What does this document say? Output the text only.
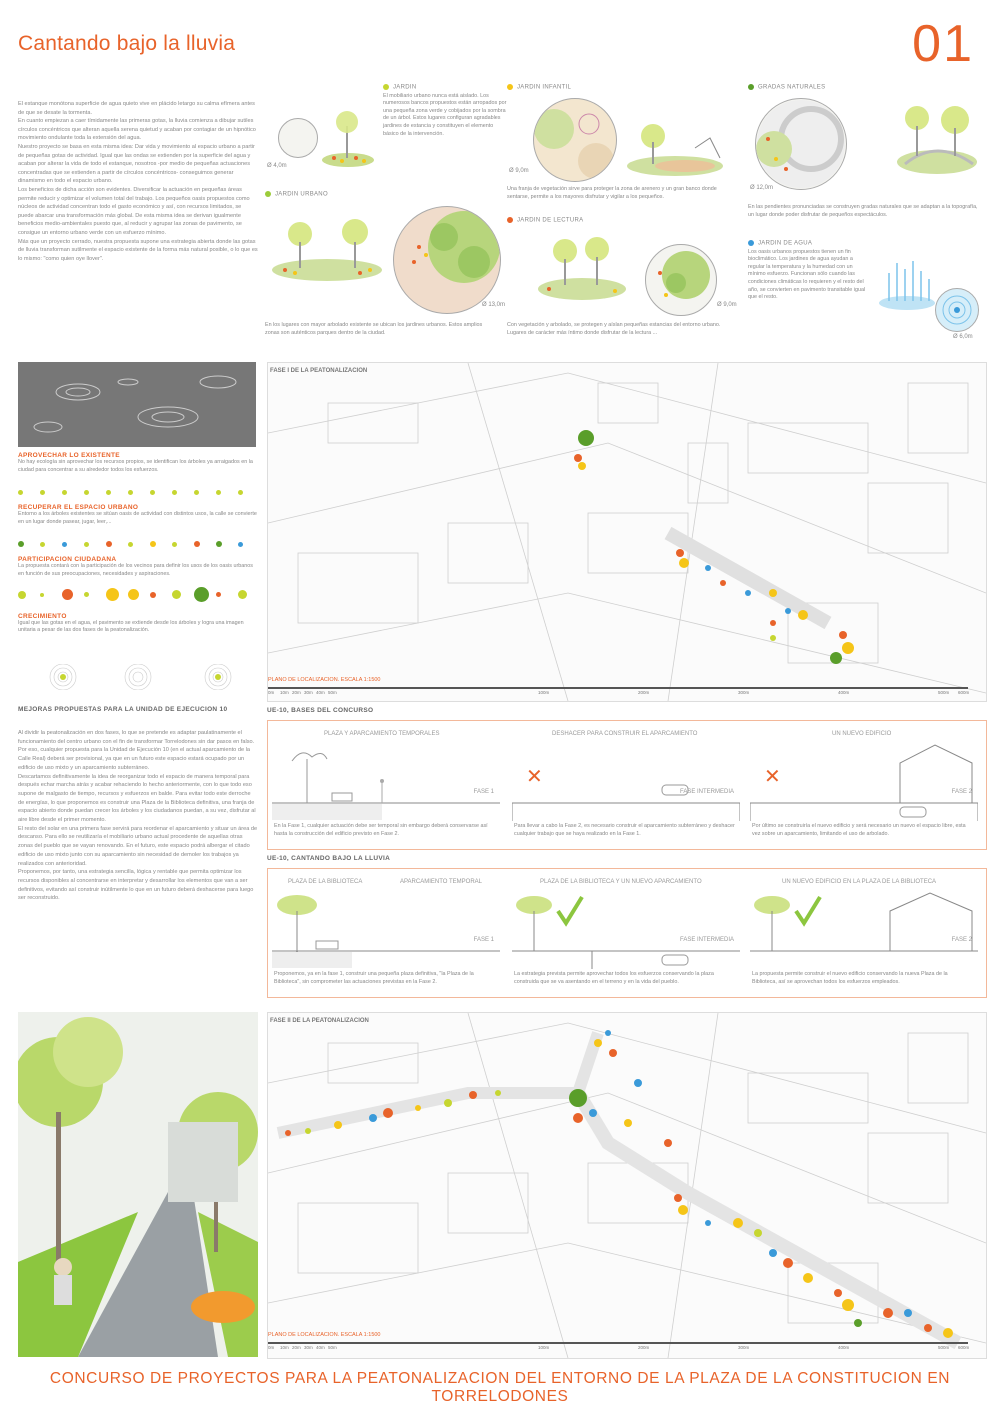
Cantando bajo la lluvia	01

El estanque monótona superficie de agua quieto vive en plácido letargo su calma efímera antes de que se desate la tormenta.

En cuanto empiezan a caer tímidamente las primeras gotas, la lluvia comienza a dibujar sutiles círculos concéntricos que alteran aquella serena quietud y acaban por contagiar de un hipnótico movimiento ondulante toda la extensión del agua.

Nuestro proyecto se basa en esta misma idea: Dar vida y movimiento al espacio urbano a partir de pequeñas gotas de actividad. Igual que las ondas se extienden por la superficie del agua y acaban por alterar la vida de todo el estanque, nosotros -por medio de pequeñas actuaciones concentradas que se extienden a partir de círculos concéntricos- conseguimos generar dinamismo en todo el espacio urbano.

Los beneficios de dicha acción son evidentes. Diversificar la actuación en pequeñas áreas permite reducir y optimizar el volumen total del trabajo. Los pequeños oasis propuestos como núcleos de actividad concentran todo el gasto económico y así, con recursos limitados, se puede abarcar una transformación más global. De esta misma idea se derivan igualmente beneficios medio-ambientales puesto que, al reducir y agrupar las zonas de pavimento, se consigue un entorno urbano verde con un esfuerzo mínimo.

Más que un proyecto cerrado, nuestra propuesta supone una estrategia abierta donde las gotas de lluvia transforman sutilmente el espacio existente de la forma más natural posible, o lo que es lo mismo: "como quien oye llover".

Ø 4,0m
JARDIN
El mobiliario urbano nunca está aislado. Los numerosos bancos propuestos están arropados por una pequeña zona verde y cobijados por la sombra de un árbol. Estos lugares configuran agradables jardines de estancia y constituyen el elemento básico de la intervención.
JARDIN INFANTIL
Ø 9,0m
Una franja de vegetación sirve para proteger la zona de arenero y un gran banco donde sentarse, permite a los mayores disfrutar y vigilar a los pequeños.
GRADAS NATURALES
Ø 12,0m
En las pendientes pronunciadas se construyen gradas naturales que se adaptan a la topografía, un lugar donde poder disfrutar de pequeños espectáculos.
JARDIN URBANO
Ø 13,0m
En los lugares con mayor arbolado existente se ubican los jardines urbanos. Estos amplios zonas son auténticos parques dentro de la ciudad.
JARDIN DE LECTURA
Ø 9,0m
Con vegetación y arbolado, se protegen y aíslan pequeñas estancias del entorno urbano. Lugares de carácter más íntimo donde disfrutar de la lectura ...
JARDIN DE AGUA
Los oasis urbanos propuestos tienen un fin bioclimático. Los jardines de agua ayudan a regular la temperatura y la humedad con un mínimo esfuerzo. Funcionan sólo cuando las condiciones climáticas lo requieren y el resto del año, se convierten en pavimento transitable igual que el resto.
Ø 6,0m
APROVECHAR LO EXISTENTE
No hay ecología sin aprovechar los recursos propios, se identifican los árboles ya arraigados en la ciudad para concentrar a su alrededor todos los esfuerzos.
RECUPERAR EL ESPACIO URBANO
Entorno a los árboles existentes se sitúan oasis de actividad con distintos usos, la calle se convierte en un lugar donde pasear, jugar, leer,...
PARTICIPACION CIUDADANA
La propuesta contará con la participación de los vecinos para definir los usos de los oasis urbanos en función de sus preocupaciones, necesidades y aspiraciones.
CRECIMIENTO
Igual que las gotas en el agua, el pavimento se extiende desde los árboles y logra una imagen unitaria a pesar de las dos fases de la peatonalización.
MEJORAS PROPUESTAS PARA LA UNIDAD DE EJECUCION 10

Al dividir la peatonalización en dos fases, lo que se pretende es adaptar paulatinamente el funcionamiento del centro urbano con el fin de transformar Torrelodones sin dar pasos en falso. Por eso, cualquier propuesta para la Unidad de Ejecución 10 (en el actual aparcamiento de la Calle Real) deberá ser provisional, ya que en un futuro este espacio estará ocupado por un edificio de uso mixto y un aparcamiento subterráneo.

Descartamos definitivamente la idea de reorganizar todo el espacio de manera temporal para después echar marcha atrás y acabar rehaciendo lo hecho anteriormente, con lo que todo eso supone de malgasto de tiempo, recursos y esfuerzos en balde. Para evitar todo este derroche de energías, lo que proponemos es construir una Plaza de la Biblioteca definitiva, una franja de espacio abierto donde puedan crecer los árboles y los ciudadanos puedan, a su vez, disfrutar al aire libre desde el primer momento.

El resto del solar en una primera fase servirá para reordenar el aparcamiento y situar un área de descanso. Para ello se reutilizaría el mobiliario urbano actual procedente de aquellas otras zonas del pueblo que se vayan renovando. En el futuro, este espacio podrá albergar el citado edificio de uso mixto junto con su aparcamiento sin necesidad de demoler los trabajos ya realizados con anterioridad.

Proponemos, por tanto, una estrategia sencilla, lógica y rentable que permita optimizar los recursos disponibles al concentrarse en interpretar y desarrollar los elementos que van a ser definitivos, evitando así construir inútilmente lo que en un futuro deberá deshacerse para luego ser reconstruido.

FASE I DE LA PEATONALIZACION
PLANO DE LOCALIZACION. ESCALA 1:1500
0m 10m 20m 30m 40m 50m	100m	200m	300m	400m	500m 600m
UE-10, BASES DEL CONCURSO
PLAZA Y APARCAMIENTO TEMPORALES
FASE 1
En la Fase 1, cualquier actuación debe ser temporal sin embargo deberá conservarse así hasta la construcción del edificio previsto en Fase 2.
DESHACER PARA CONSTRUIR EL APARCAMIENTO
✕
FASE INTERMEDIA
Para llevar a cabo la Fase 2, es necesario construir el aparcamiento subterráneo y deshacer cualquier trabajo que se haya realizado en la Fase 1.
UN NUEVO EDIFICIO
✕
FASE 2
Por último se construiría el nuevo edificio y será necesario un nuevo el espacio libre, esta vez sobre un aparcamiento, limitando el uso de arbolado.
UE-10, CANTANDO BAJO LA LLUVIA
PLAZA DE LA BIBLIOTECA	APARCAMIENTO TEMPORAL
FASE 1
Proponemos, ya en la fase 1, construir una pequeña plaza definitiva, "la Plaza de la Biblioteca", sin comprometer las actuaciones previstas en la Fase 2.
PLAZA DE LA BIBLIOTECA Y UN NUEVO APARCAMIENTO
FASE INTERMEDIA
La estrategia prevista permite aprovechar todos los esfuerzos conservando la plaza construida que se va asentando en el terreno y en la vida del pueblo.
UN NUEVO EDIFICIO EN LA PLAZA DE LA BIBLIOTECA
FASE 2
La propuesta permite construir el nuevo edificio conservando la nueva Plaza de la Biblioteca, así se aprovechan todos los esfuerzos empleados.
FASE II DE LA PEATONALIZACION
PLANO DE LOCALIZACION. ESCALA 1:1500
0m 10m 20m 30m 40m 50m	100m	200m	300m	400m	500m 600m
CONCURSO DE PROYECTOS PARA LA PEATONALIZACION DEL ENTORNO DE LA PLAZA DE LA CONSTITUCION EN TORRELODONES
